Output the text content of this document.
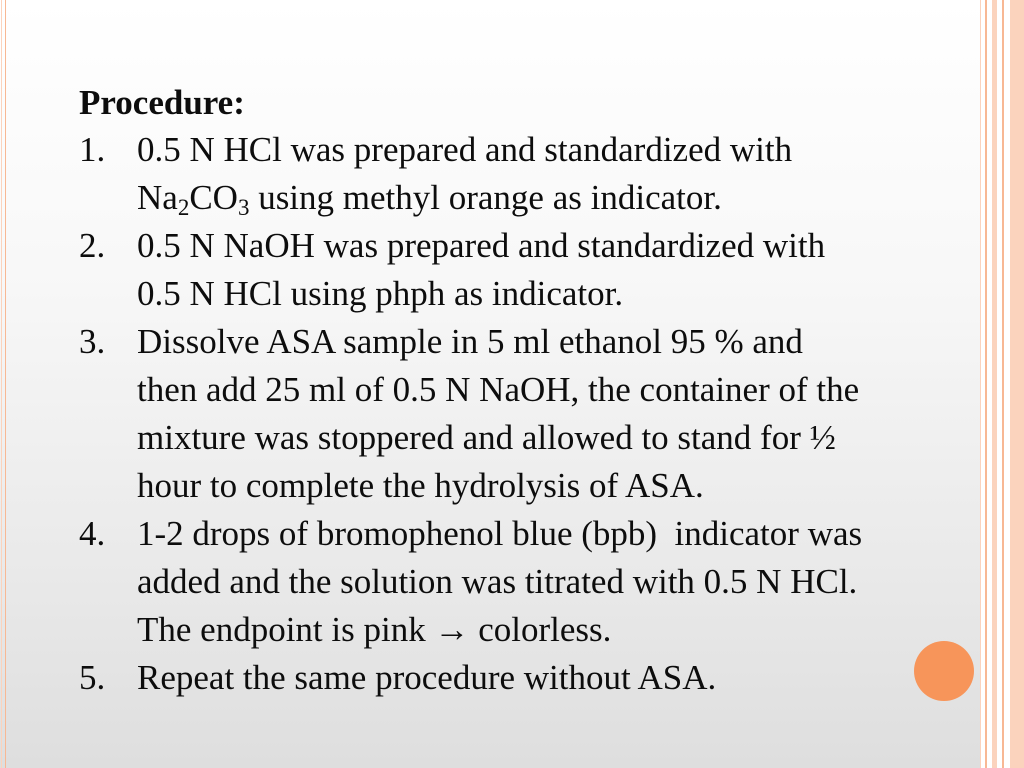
Procedure:
1. 0.5 N HCl was prepared and standardized with
$Na_2CO_3$ using methyl orange as indicator.
2. 0.5 N NaOH was prepared and standardized with
0.5 N HCl using phph as indicator.
3. Dissolve ASA sample in 5 ml ethanol 95 % and
then add 25 ml of 0.5 N NaOH, the container of the
mixture was stoppered and allowed to stand for ½
hour to complete the hydrolysis of ASA.
4. 1-2 drops of bromophenol blue (bpb)  indicator was
added and the solution was titrated with 0.5 N HCl.
The endpoint is pink → colorless.
5. Repeat the same procedure without ASA.
